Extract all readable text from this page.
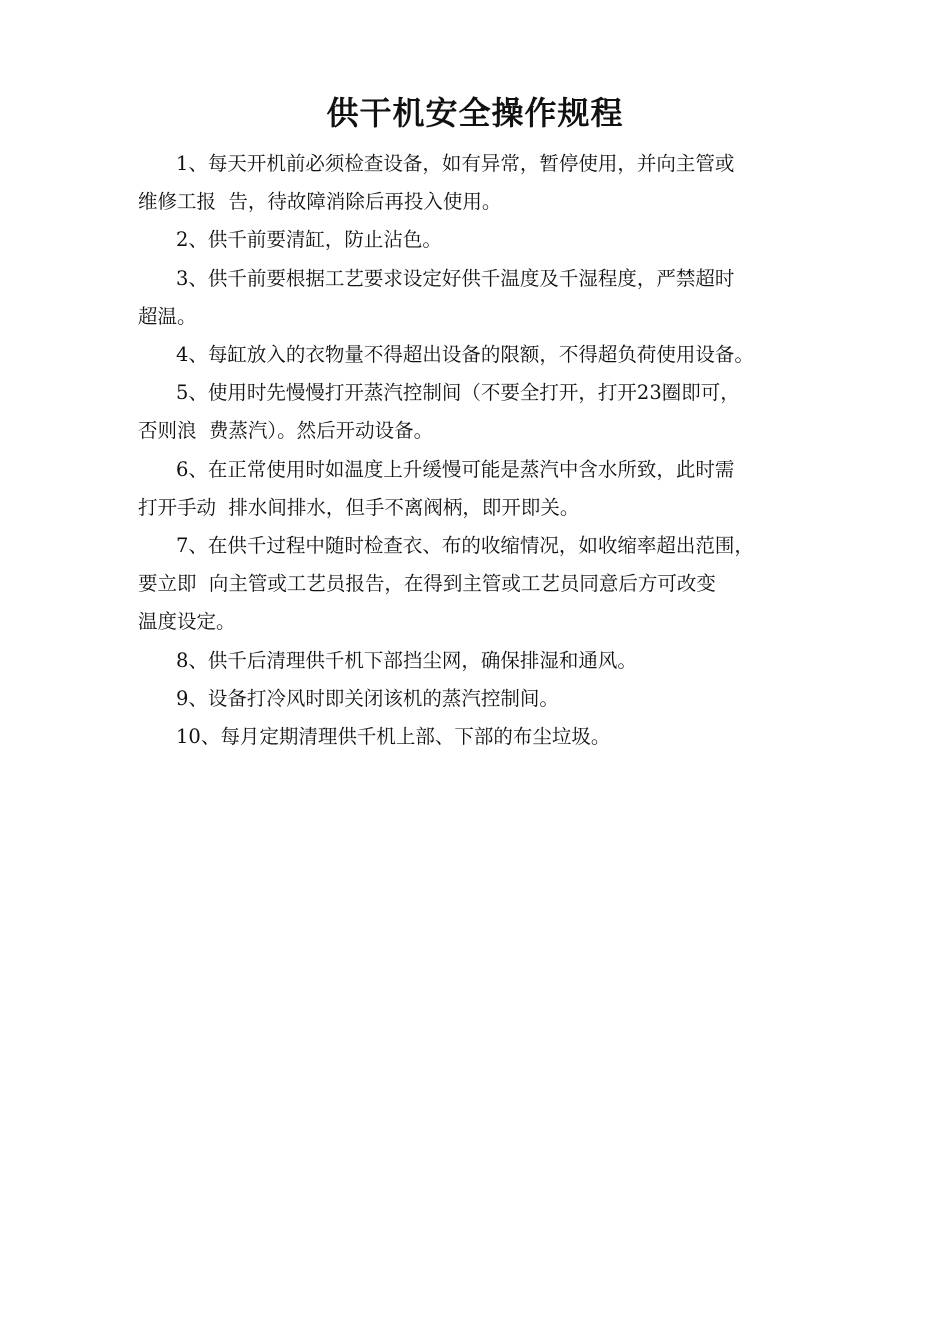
供干机安全操作规程
1、每天开机前必须检查设备，如有异常，暂停使用，并向主管或
维修工报  告，待故障消除后再投入使用。
2、供千前要清缸，防止沾色。
3、供千前要根据工艺要求设定好供千温度及千湿程度，严禁超时
超温。
4、每缸放入的衣物量不得超出设备的限额，不得超负荷使用设备。
5、使用时先慢慢打开蒸汽控制间（不要全打开，打开23圈即可，
否则浪  费蒸汽）。然后开动设备。
6、在正常使用时如温度上升缓慢可能是蒸汽中含水所致，此时需
打开手动  排水间排水，但手不离阀柄，即开即关。
7、在供千过程中随时检查衣、布的收缩情况，如收缩率超出范围，
要立即  向主管或工艺员报告，在得到主管或工艺员同意后方可改变
温度设定。
8、供千后清理供千机下部挡尘网，确保排湿和通风。
9、设备打冷风时即关闭该机的蒸汽控制间。
10、每月定期清理供千机上部、下部的布尘垃圾。
